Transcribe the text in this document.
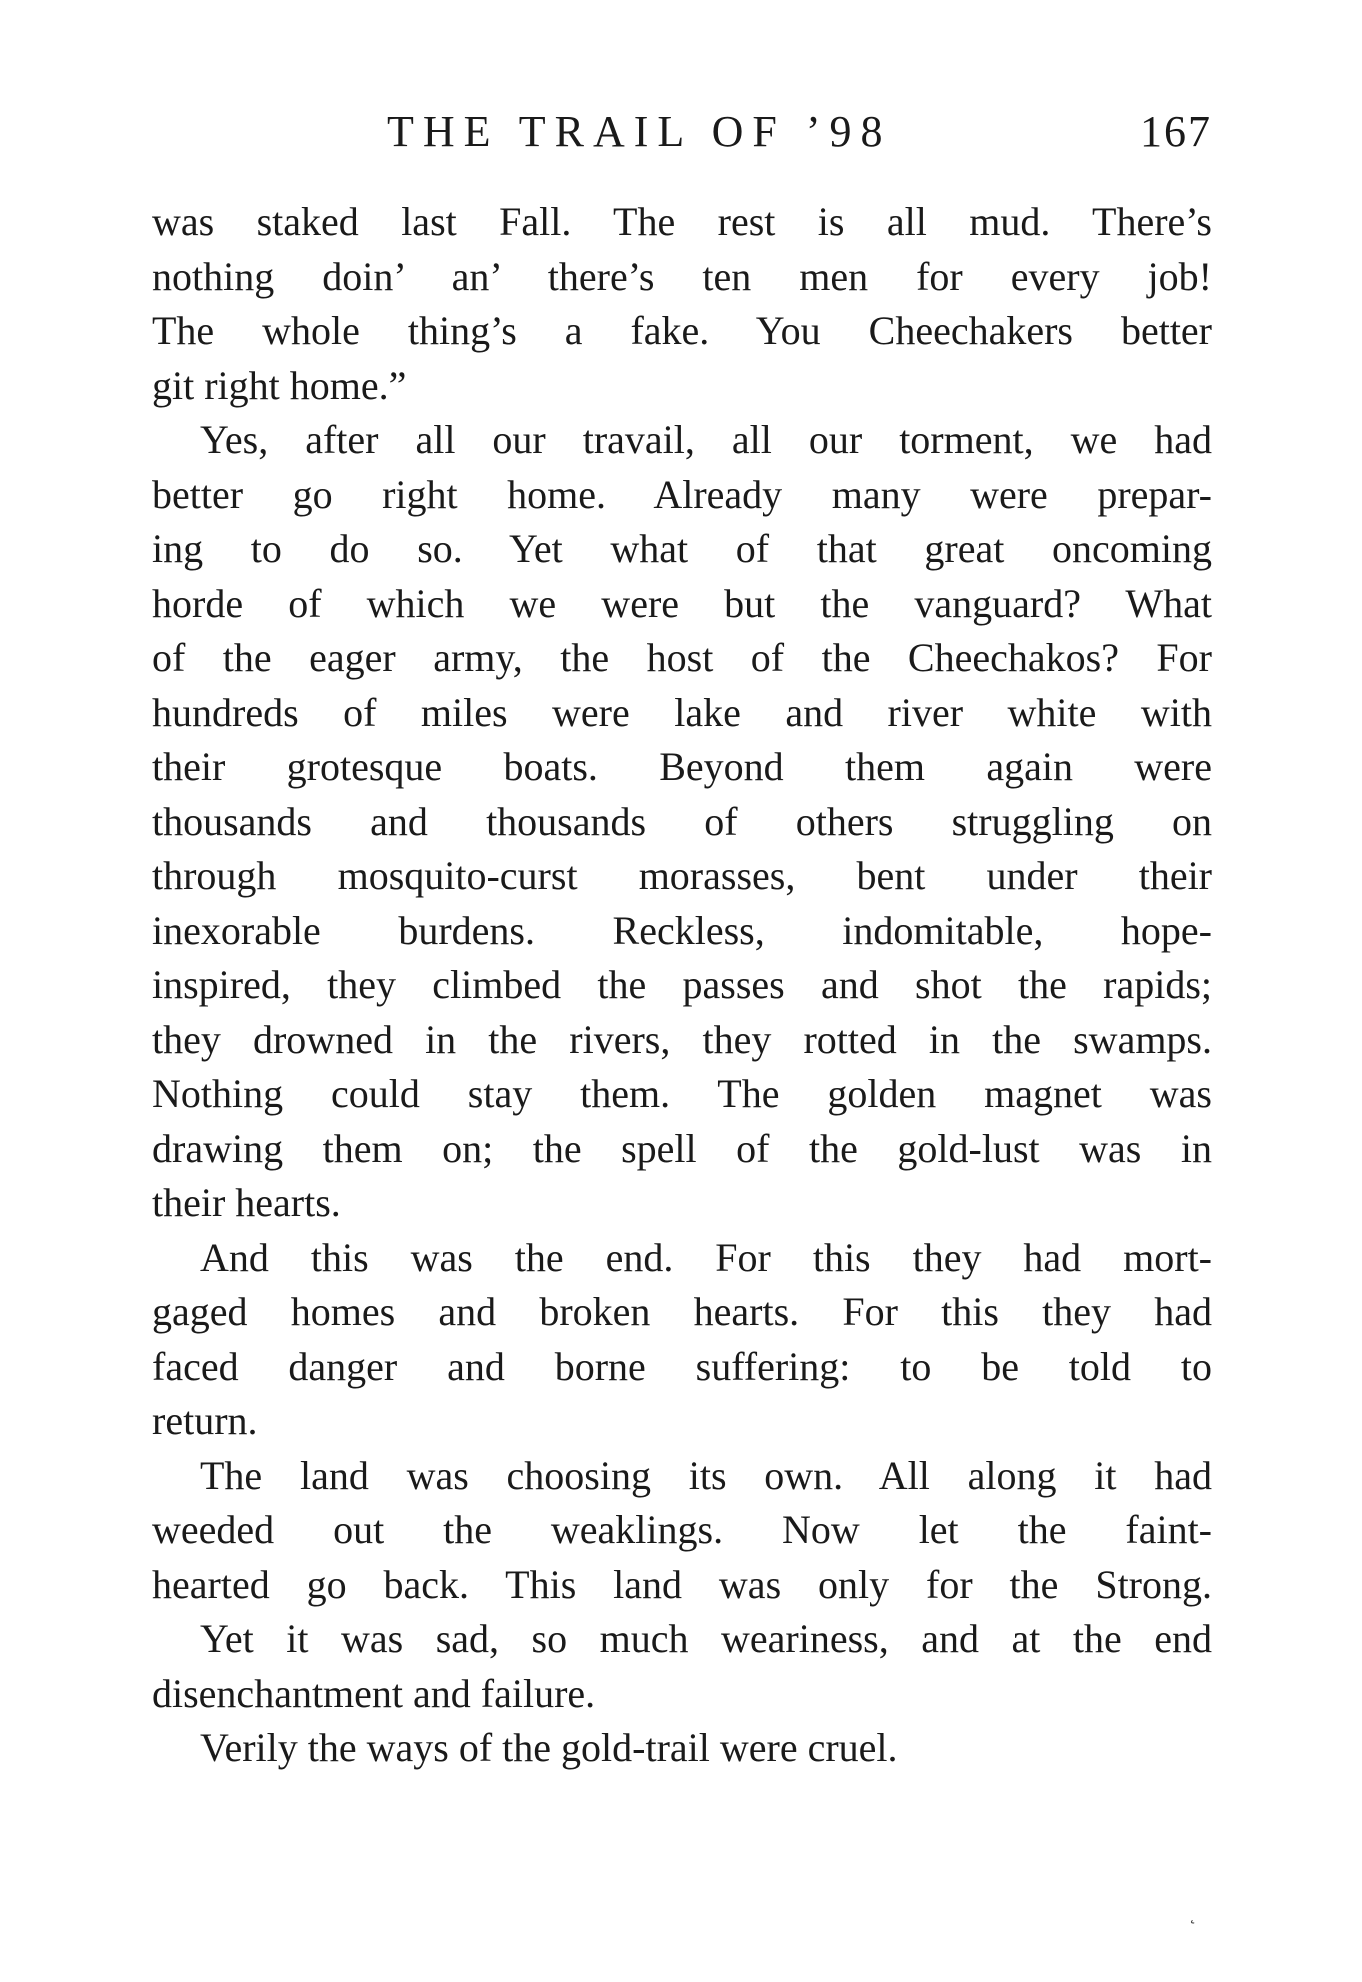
THE TRAIL OF ’98	167

was staked last Fall. The rest is all mud. There’s
nothing doin’ an’ there’s ten men for every job!
The whole thing’s a fake. You Cheechakers better
git right home.”

Yes, after all our travail, all our torment, we had
better go right home. Already many were prepar-
ing to do so. Yet what of that great oncoming
horde of which we were but the vanguard? What
of the eager army, the host of the Cheechakos? For
hundreds of miles were lake and river white with
their grotesque boats. Beyond them again were
thousands and thousands of others struggling on
through mosquito-curst morasses, bent under their
inexorable burdens. Reckless, indomitable, hope-
inspired, they climbed the passes and shot the rapids;
they drowned in the rivers, they rotted in the swamps.
Nothing could stay them. The golden magnet was
drawing them on; the spell of the gold-lust was in
their hearts.

And this was the end. For this they had mort-
gaged homes and broken hearts. For this they had
faced danger and borne suffering: to be told to
return.

The land was choosing its own. All along it had
weeded out the weaklings. Now let the faint-
hearted go back. This land was only for the Strong.

Yet it was sad, so much weariness, and at the end
disenchantment and failure.

Verily the ways of the gold-trail were cruel.

˛
